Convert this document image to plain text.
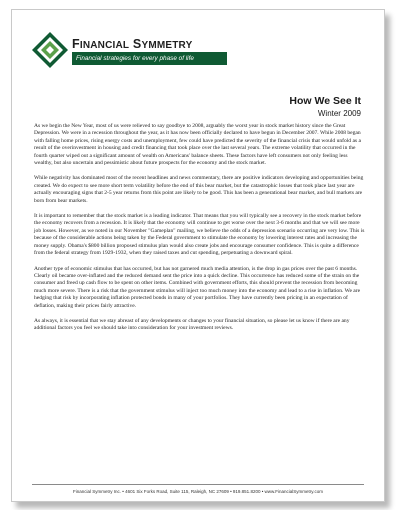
FINANCIAL SYMMETRY
Financial strategies for every phase of life
How We See It
Winter 2009

As we begin the New Year, most of us were relieved to say goodbye to 2008, arguably the worst year in stock market history since the Great Depression. We were in a recession throughout the year, as it has now been officially declared to have begun in December 2007. While 2008 began with falling home prices, rising energy costs and unemployment, few could have predicted the severity of the financial crisis that would unfold as a result of the overinvestment in housing and credit financing that took place over the last several years. The extreme volatility that occurred in the fourth quarter wiped out a significant amount of wealth on Americans' balance sheets. These factors have left consumers not only feeling less wealthy, but also uncertain and pessimistic about future prospects for the economy and the stock market.

While negativity has dominated most of the recent headlines and news commentary, there are positive indicators developing and opportunities being created. We do expect to see more short term volatility before the end of this bear market, but the catastrophic losses that took place last year are actually encouraging signs that 2-5 year returns from this point are likely to be good. This has been a generational bear market, and bull markets are born from bear markets.

It is important to remember that the stock market is a leading indicator. That means that you will typically see a recovery in the stock market before the economy recovers from a recession. It is likely that the economy will continue to get worse over the next 3-6 months and that we will see more job losses. However, as we noted in our November "Gameplan" mailing, we believe the odds of a depression scenario occurring are very low. This is because of the considerable actions being taken by the Federal government to stimulate the economy by lowering interest rates and increasing the money supply. Obama's $800 billion proposed stimulus plan would also create jobs and encourage consumer confidence. This is quite a difference from the federal strategy from 1929-1932, when they raised taxes and cut spending, perpetuating a downward spiral.

Another type of economic stimulus that has occurred, but has not garnered much media attention, is the drop in gas prices over the past 6 months. Clearly oil became over-inflated and the reduced demand sent the price into a quick decline. This occurrence has reduced some of the strain on the consumer and freed up cash flow to be spent on other items. Combined with government efforts, this should prevent the recession from becoming much more severe. There is a risk that the government stimulus will inject too much money into the economy and lead to a rise in inflation. We are hedging that risk by incorporating inflation protected bonds in many of your portfolios. They have currently been pricing in an expectation of deflation, making their prices fairly attractive.

As always, it is essential that we stay abreast of any developments or changes to your financial situation, so please let us know if there are any additional factors you feel we should take into consideration for your investment reviews.

Financial Symmetry Inc. • 4601 Six Forks Road, Suite 115, Raleigh, NC 27609 • 919.851.8200 • www.FinancialSymmetry.com
